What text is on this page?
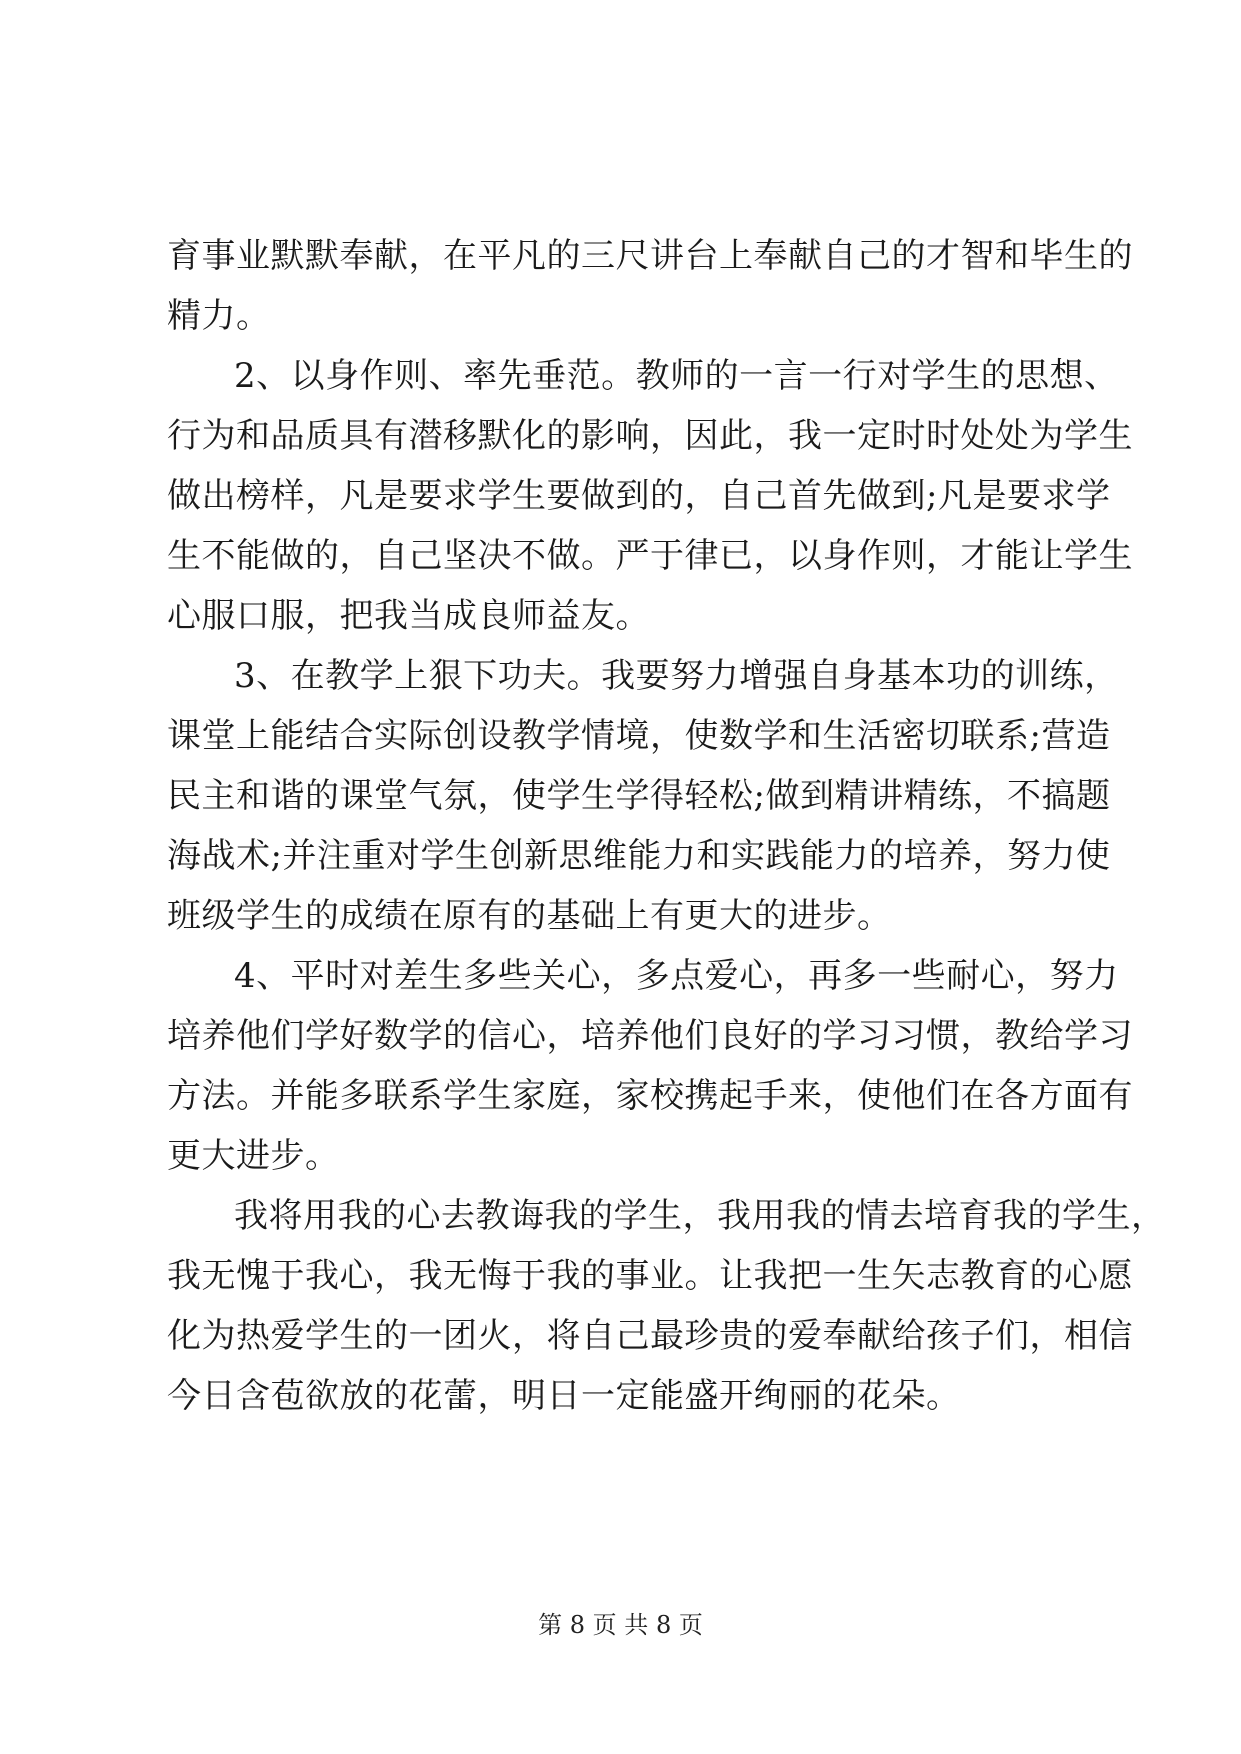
育事业默默奉献，在平凡的三尺讲台上奉献自己的才智和毕生的
精力。
2、以身作则、率先垂范。教师的一言一行对学生的思想、
行为和品质具有潜移默化的影响，因此，我一定时时处处为学生
做出榜样，凡是要求学生要做到的，自己首先做到;凡是要求学
生不能做的，自己坚决不做。严于律已，以身作则，才能让学生
心服口服，把我当成良师益友。
3、在教学上狠下功夫。我要努力增强自身基本功的训练，
课堂上能结合实际创设教学情境，使数学和生活密切联系;营造
民主和谐的课堂气氛，使学生学得轻松;做到精讲精练，不搞题
海战术;并注重对学生创新思维能力和实践能力的培养，努力使
班级学生的成绩在原有的基础上有更大的进步。
4、平时对差生多些关心，多点爱心，再多一些耐心，努力
培养他们学好数学的信心，培养他们良好的学习习惯，教给学习
方法。并能多联系学生家庭，家校携起手来，使他们在各方面有
更大进步。
我将用我的心去教诲我的学生，我用我的情去培育我的学生，
我无愧于我心，我无悔于我的事业。让我把一生矢志教育的心愿
化为热爱学生的一团火，将自己最珍贵的爱奉献给孩子们，相信
今日含苞欲放的花蕾，明日一定能盛开绚丽的花朵。
第 8 页 共 8 页
